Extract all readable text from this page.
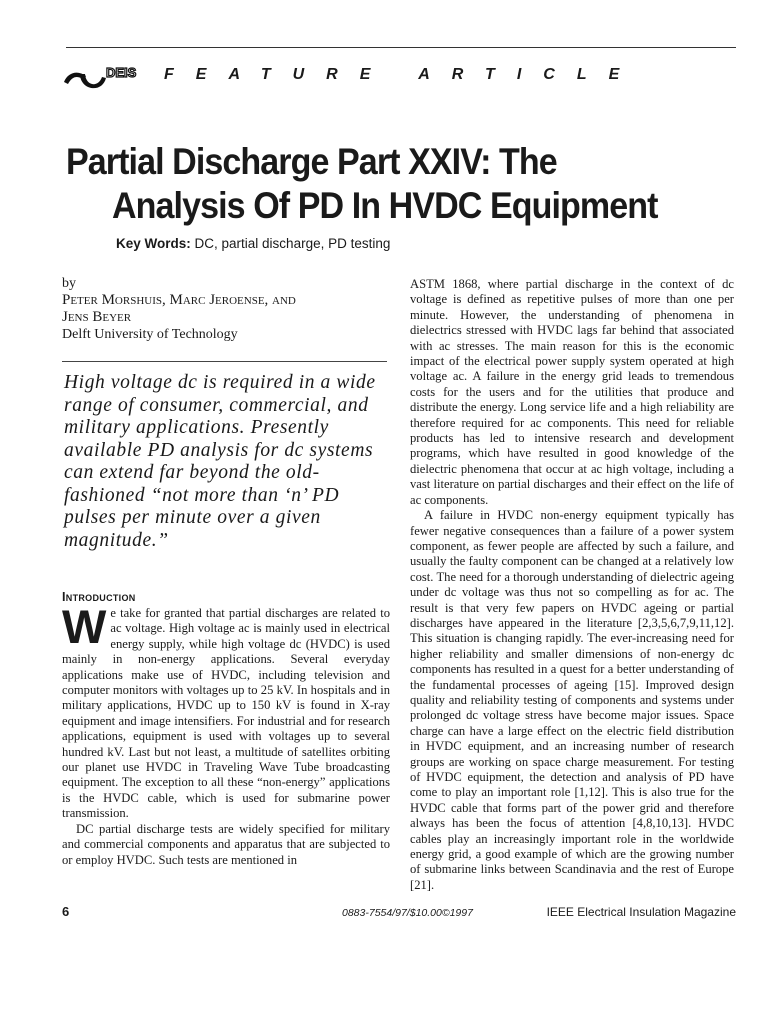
DEIS FEATURE ARTICLE
Partial Discharge Part XXIV: The
Analysis Of PD In HVDC Equipment
Key Words: DC, partial discharge, PD testing
by
Peter Morshuis, Marc Jeroense, and
Jens Beyer
Delft University of Technology
High voltage dc is required in a wide range of consumer, commercial, and military applications. Presently available PD analysis for dc systems can extend far beyond the old-fashioned “not more than ‘n’ PD pulses per minute over a given magnitude.”
Introduction

We take for granted that partial discharges are related to ac voltage. High voltage ac is mainly used in electrical energy supply, while high voltage dc (HVDC) is used mainly in non-energy applications. Several everyday applications make use of HVDC, including television and computer monitors with voltages up to 25 kV. In hospitals and in military applications, HVDC up to 150 kV is found in X-ray equipment and image intensifiers. For industrial and for research applications, equipment is used with voltages up to several hundred kV. Last but not least, a multitude of satellites orbiting our planet use HVDC in Traveling Wave Tube broadcasting equipment. The exception to all these “non-energy” applications is the HVDC cable, which is used for submarine power transmission.

DC partial discharge tests are widely specified for military and commercial components and apparatus that are subjected to or employ HVDC. Such tests are mentioned in

ASTM 1868, where partial discharge in the context of dc voltage is defined as repetitive pulses of more than one per minute. However, the understanding of phenomena in dielectrics stressed with HVDC lags far behind that associated with ac stresses. The main reason for this is the economic impact of the electrical power supply system operated at high voltage ac. A failure in the energy grid leads to tremendous costs for the users and for the utilities that produce and distribute the energy. Long service life and a high reliability are therefore required for ac components. This need for reliable products has led to intensive research and development programs, which have resulted in good knowledge of the dielectric phenomena that occur at ac high voltage, including a vast literature on partial discharges and their effect on the life of ac components.

A failure in HVDC non-energy equipment typically has fewer negative consequences than a failure of a power system component, as fewer people are affected by such a failure, and usually the faulty component can be changed at a relatively low cost. The need for a thorough understanding of dielectric ageing under dc voltage was thus not so compelling as for ac. The result is that very few papers on HVDC ageing or partial discharges have appeared in the literature [2,3,5,6,7,9,11,12]. This situation is changing rapidly. The ever-increasing need for higher reliability and smaller dimensions of non-energy dc components has resulted in a quest for a better understanding of the fundamental processes of ageing [15]. Improved design quality and reliability testing of components and systems under prolonged dc voltage stress have become major issues. Space charge can have a large effect on the electric field distribution in HVDC equipment, and an increasing number of research groups are working on space charge measurement. For testing of HVDC equipment, the detection and analysis of PD have come to play an important role [1,12]. This is also true for the HVDC cable that forms part of the power grid and therefore always has been the focus of attention [4,8,10,13]. HVDC cables play an increasingly important role in the worldwide energy grid, a good example of which are the growing number of submarine links between Scandinavia and the rest of Europe [21].

6	0883-7554/97/$10.00©1997	IEEE Electrical Insulation Magazine
